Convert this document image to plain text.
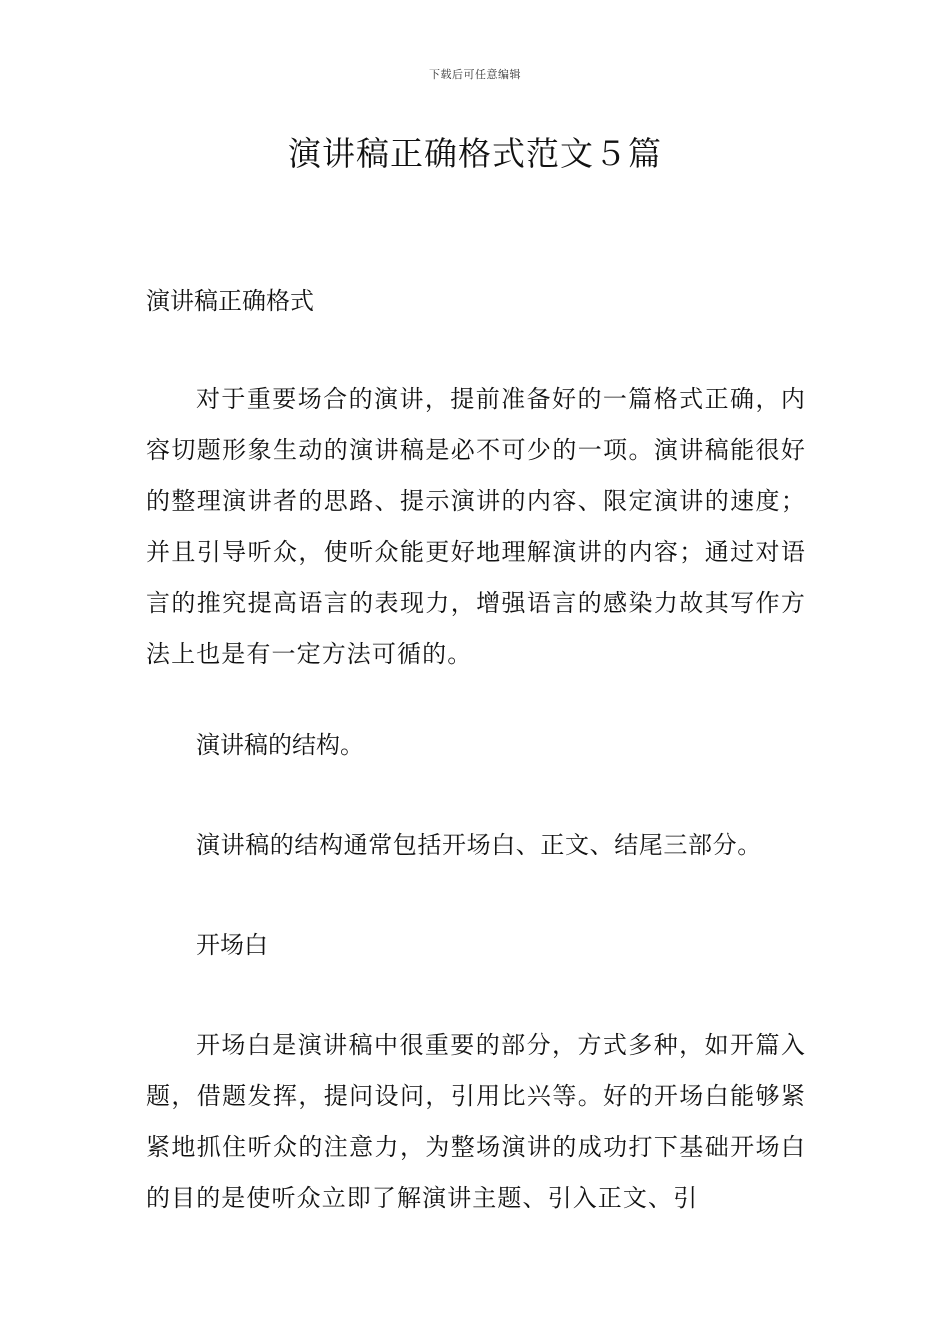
下载后可任意编辑
演讲稿正确格式范文５篇
演讲稿正确格式

对于重要场合的演讲，提前准备好的一篇格式正确，内容切题形象生动的演讲稿是必不可少的一项。演讲稿能很好的整理演讲者的思路、提示演讲的内容、限定演讲的速度；并且引导听众，使听众能更好地理解演讲的内容；通过对语言的推究提高语言的表现力，增强语言的感染力故其写作方法上也是有一定方法可循的。

演讲稿的结构。

演讲稿的结构通常包括开场白、正文、结尾三部分。

开场白

开场白是演讲稿中很重要的部分，方式多种，如开篇入题，借题发挥，提问设问，引用比兴等。好的开场白能够紧紧地抓住听众的注意力，为整场演讲的成功打下基础开场白的目的是使听众立即了解演讲主题、引入正文、引
